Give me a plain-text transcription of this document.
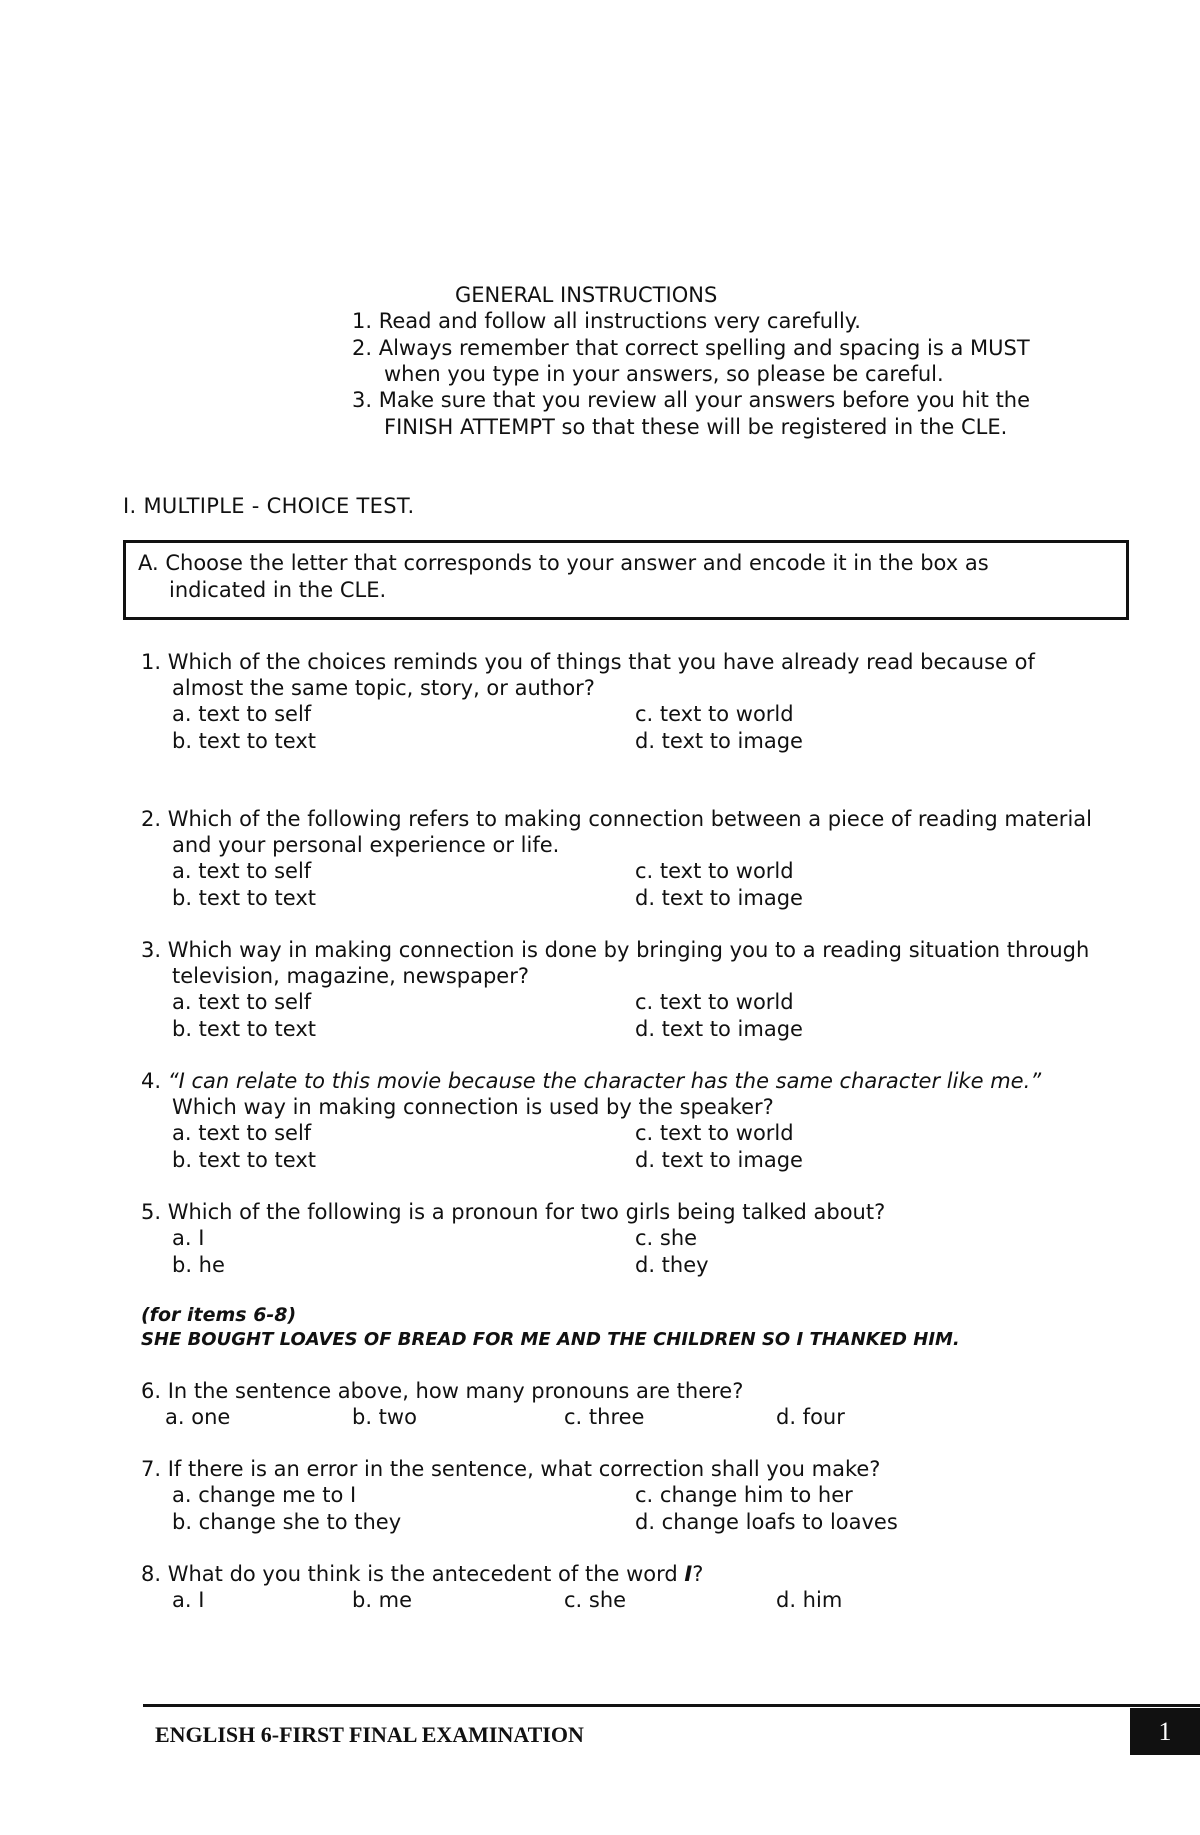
GENERAL INSTRUCTIONS
1. Read and follow all instructions very carefully.
2. Always remember that correct spelling and spacing is a MUST
when you type in your answers, so please be careful.
3. Make sure that you review all your answers before you hit the
FINISH ATTEMPT so that these will be registered in the CLE.
I. MULTIPLE - CHOICE TEST.
A. Choose the letter that corresponds to your answer and encode it in the box as
indicated in the CLE.
1. Which of the choices reminds you of things that you have already read because of
almost the same topic, story, or author?
a. text to self
b. text to text
c. text to world
d. text to image
2. Which of the following refers to making connection between a piece of reading material
and your personal experience or life.
a. text to self
b. text to text
c. text to world
d. text to image
3. Which way in making connection is done by bringing you to a reading situation through
television, magazine, newspaper?
a. text to self
b. text to text
c. text to world
d. text to image
4. “I can relate to this movie because the character has the same character like me.”
Which way in making connection is used by the speaker?
a. text to self
b. text to text
c. text to world
d. text to image
5. Which of the following is a pronoun for two girls being talked about?
a. I
b. he
c. she
d. they
(for items 6-8)
SHE BOUGHT LOAVES OF BREAD FOR ME AND THE CHILDREN SO I THANKED HIM.
6. In the sentence above, how many pronouns are there?
a. one	b. two	c. three	d. four
7. If there is an error in the sentence, what correction shall you make?
a. change me to I
b. change she to they
c. change him to her
d. change loafs to loaves
8. What do you think is the antecedent of the word I?
a. I	b. me	c. she	d. him
ENGLISH 6-FIRST FINAL EXAMINATION	1
